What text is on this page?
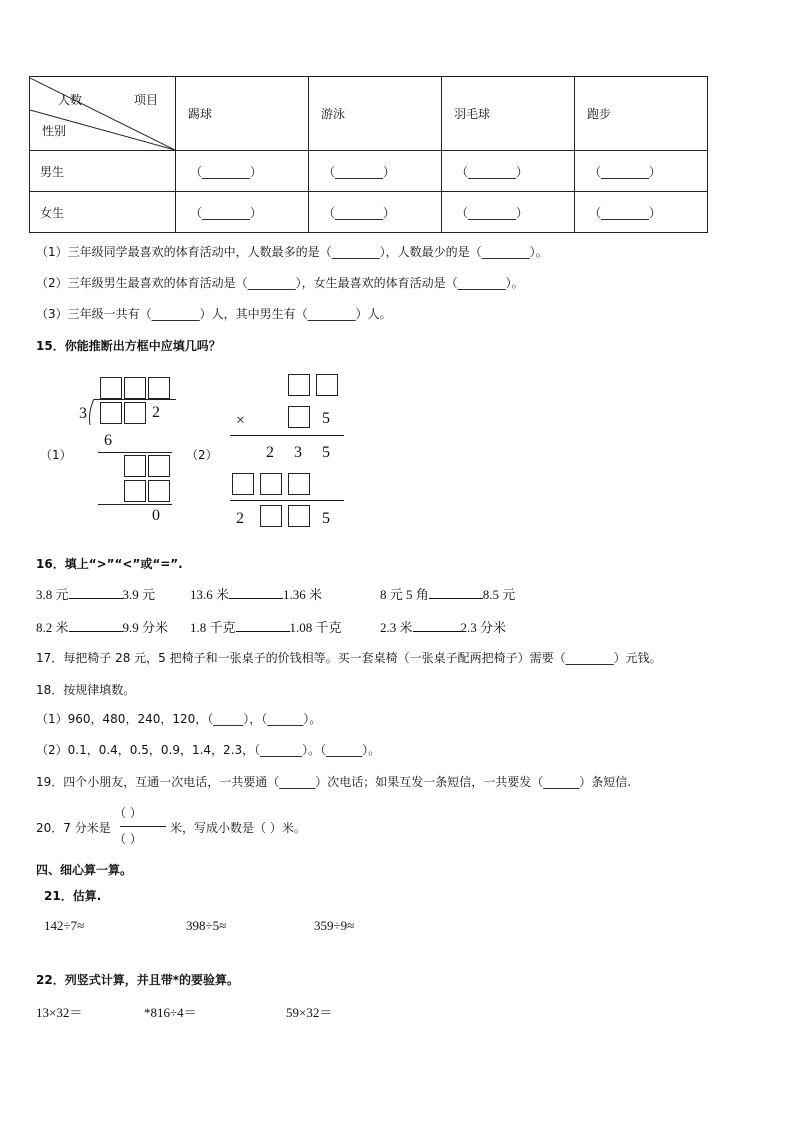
项目
人数
性别	踢球	游泳	羽毛球	跑步
男生	（________）	（________）	（________）	（________）
女生	（________）	（________）	（________）	（________）
（1）三年级同学最喜欢的体育活动中，人数最多的是（________），人数最少的是（________）。
（2）三年级男生最喜欢的体育活动是（________），女生最喜欢的体育活动是（________）。
（3）三年级一共有（________）人，其中男生有（________）人。
15．你能推断出方框中应填几吗？
（1）
3	2
6
0
（2）
×	5
2  3  5
2	5
16．填上“>”“<”或“=”.
3.8 元	3.9 元	13.6 米	1.36 米	8 元 5 角	8.5 元
8.2 米	9.9 分米 1.8 千克	1.08 千克	2.3 米	2.3 分米
17．每把椅子 28 元，5 把椅子和一张桌子的价钱相等。买一套桌椅（一张桌子配两把椅子）需要（________）元钱。
18．按规律填数。
（1）960，480，240，120，（_____），（______）。
（2）0.1，0.4，0.5，0.9，1.4，2.3，（_______）。（______）。
19．四个小朋友，互通一次电话，一共要通（______）次电话；如果互发一条短信，一共要发（______）条短信.
20．7 分米是
（ ）
（ ）
米，写成小数是（ ）米。
四、细心算一算。
21．估算.
142÷7≈	398÷5≈	359÷9≈
22．列竖式计算，并且带*的要验算。
13×32＝	*816÷4＝	59×32＝
